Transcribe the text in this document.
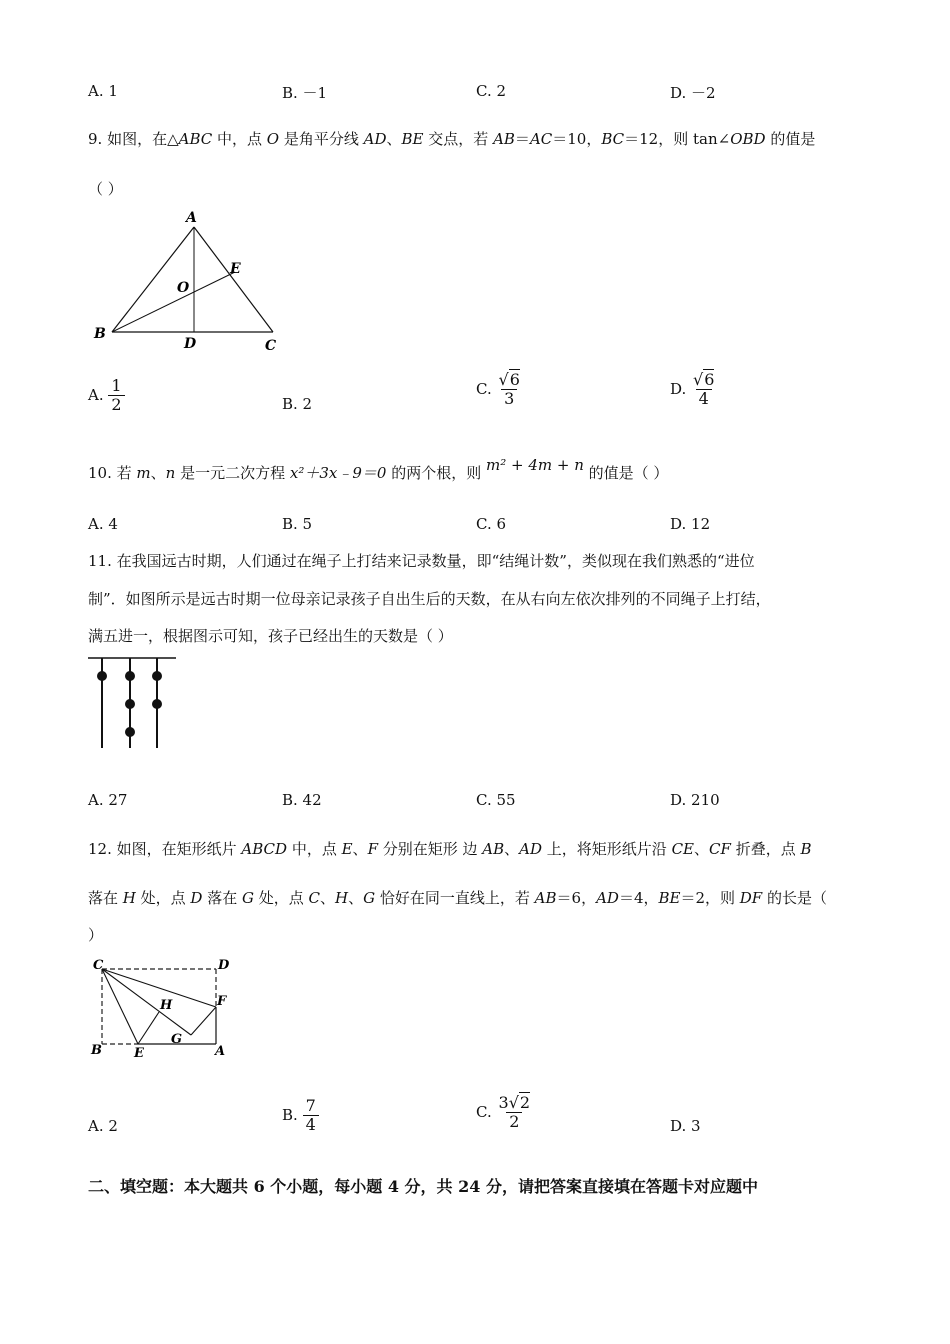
A. 1	B. －1	C. 2	D. －2
9. 如图，在△ABC 中，点 O 是角平分线 AD、BE 交点，若 AB＝AC＝10，BC＝12，则 tan∠OBD 的值是
（ ）
A
B
C
D
E
O
A. $\frac{1}{2}$	B. 2
C. $\frac{√6}{3}$	D. $\frac{√6}{4}$
10. 若 m、n 是一元二次方程 x²＋3x﹣9＝0 的两个根，则 m² + 4m + n 的值是（ ）
A. 4	B. 5	C. 6	D. 12
11. 在我国远古时期，人们通过在绳子上打结来记录数量，即“结绳计数”，类似现在我们熟悉的“进位
制”．如图所示是远古时期一位母亲记录孩子自出生后的天数，在从右向左依次排列的不同绳子上打结，
满五进一，根据图示可知，孩子已经出生的天数是（ ）
A. 27	B. 42	C. 55	D. 210
12. 如图，在矩形纸片 ABCD 中，点 E、F 分别在矩形 边 AB、AD 上，将矩形纸片沿 CE、CF 折叠，点 B
落在 H 处，点 D 落在 G 处，点 C、H、G 恰好在同一直线上，若 AB＝6，AD＝4，BE＝2，则 DF 的长是（
）
C	D
H	F
G
B E	A
A. 2
B. $\frac{7}{4}$	C. $\frac{3√2}{2}$	D. 3
二、填空题：本大题共 6 个小题，每小题 4 分，共 24 分，请把答案直接填在答题卡对应题中
